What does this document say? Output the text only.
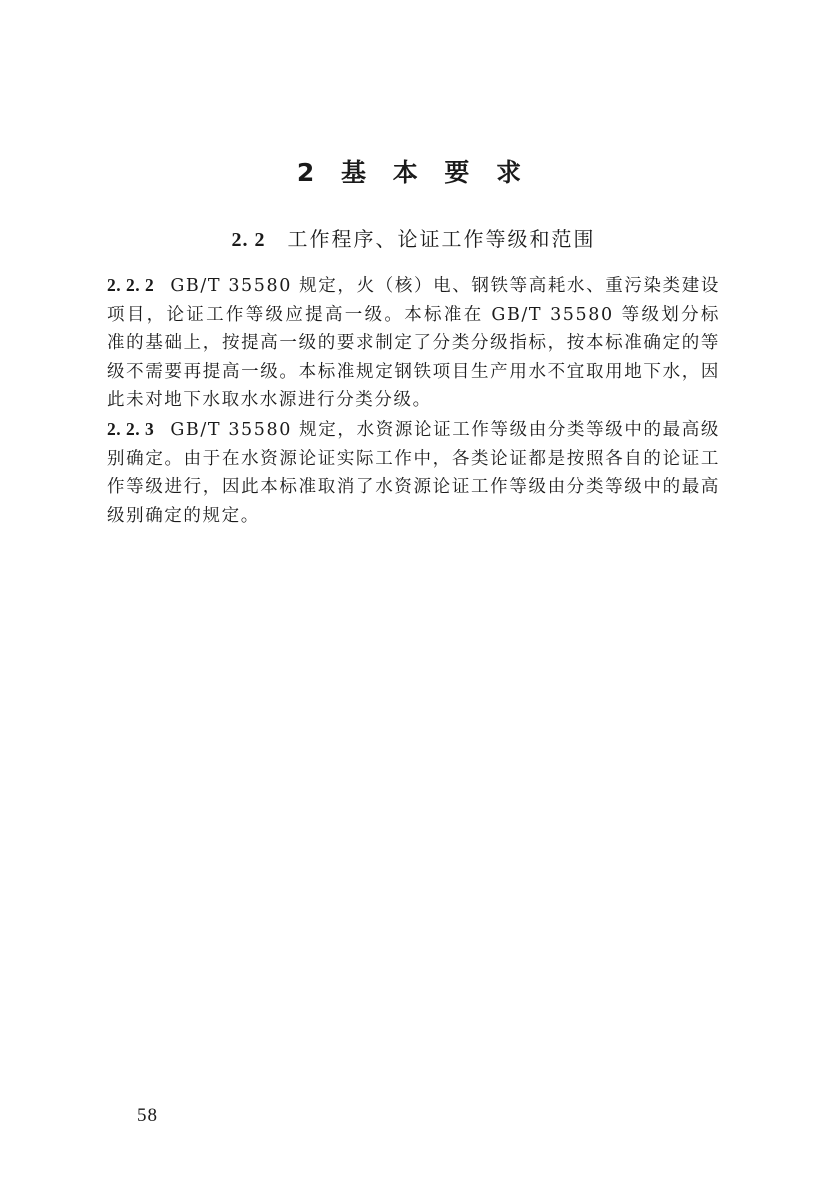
2 基 本 要 求
2. 2 工作程序、论证工作等级和范围

2. 2. 2 GB/T 35580 规定，火（核）电、钢铁等高耗水、重污染类建设项目，论证工作等级应提高一级。本标准在 GB/T 35580 等级划分标准的基础上，按提高一级的要求制定了分类分级指标，按本标准确定的等级不需要再提高一级。本标准规定钢铁项目生产用水不宜取用地下水，因此未对地下水取水水源进行分类分级。

2. 2. 3 GB/T 35580 规定，水资源论证工作等级由分类等级中的最高级别确定。由于在水资源论证实际工作中，各类论证都是按照各自的论证工作等级进行，因此本标准取消了水资源论证工作等级由分类等级中的最高级别确定的规定。

58
